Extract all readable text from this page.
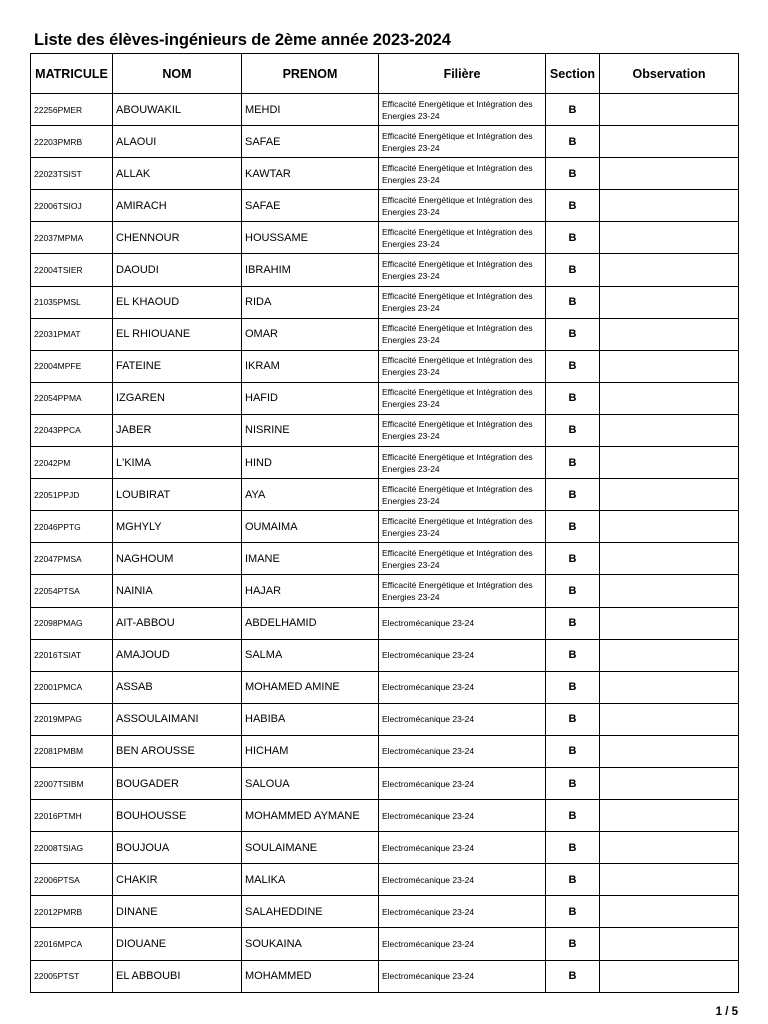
Liste des élèves-ingénieurs de 2ème année 2023-2024
MATRICULE	NOM	PRENOM	Filière	Section	Observation
22256PMER	ABOUWAKIL	MEHDI	Efficacité Energétique et Intégration des Energies 23-24	B	
22203PMRB	ALAOUI	SAFAE	Efficacité Energétique et Intégration des Energies 23-24	B	
22023TSIST	ALLAK	KAWTAR	Efficacité Energétique et Intégration des Energies 23-24	B	
22006TSIOJ	AMIRACH	SAFAE	Efficacité Energétique et Intégration des Energies 23-24	B	
22037MPMA	CHENNOUR	HOUSSAME	Efficacité Energétique et Intégration des Energies 23-24	B	
22004TSIER	DAOUDI	IBRAHIM	Efficacité Energétique et Intégration des Energies 23-24	B	
21035PMSL	EL KHAOUD	RIDA	Efficacité Energétique et Intégration des Energies 23-24	B	
22031PMAT	EL RHIOUANE	OMAR	Efficacité Energétique et Intégration des Energies 23-24	B	
22004MPFE	FATEINE	IKRAM	Efficacité Energétique et Intégration des Energies 23-24	B	
22054PPMA	IZGAREN	HAFID	Efficacité Energétique et Intégration des Energies 23-24	B	
22043PPCA	JABER	NISRINE	Efficacité Energétique et Intégration des Energies 23-24	B	
22042PM	L'KIMA	HIND	Efficacité Energétique et Intégration des Energies 23-24	B	
22051PPJD	LOUBIRAT	AYA	Efficacité Energétique et Intégration des Energies 23-24	B	
22046PPTG	MGHYLY	OUMAIMA	Efficacité Energétique et Intégration des Energies 23-24	B	
22047PMSA	NAGHOUM	IMANE	Efficacité Energétique et Intégration des Energies 23-24	B	
22054PTSA	NAINIA	HAJAR	Efficacité Energétique et Intégration des Energies 23-24	B	
22098PMAG	AIT-ABBOU	ABDELHAMID	Electromécanique 23-24	B	
22016TSIAT	AMAJOUD	SALMA	Electromécanique 23-24	B	
22001PMCA	ASSAB	MOHAMED AMINE	Electromécanique 23-24	B	
22019MPAG	ASSOULAIMANI	HABIBA	Electromécanique 23-24	B	
22081PMBM	BEN AROUSSE	HICHAM	Electromécanique 23-24	B	
22007TSIBM	BOUGADER	SALOUA	Electromécanique 23-24	B	
22016PTMH	BOUHOUSSE	MOHAMMED AYMANE	Electromécanique 23-24	B	
22008TSIAG	BOUJOUA	SOULAIMANE	Electromécanique 23-24	B	
22006PTSA	CHAKIR	MALIKA	Electromécanique 23-24	B	
22012PMRB	DINANE	SALAHEDDINE	Electromécanique 23-24	B	
22016MPCA	DIOUANE	SOUKAINA	Electromécanique 23-24	B	
22005PTST	EL ABBOUBI	MOHAMMED	Electromécanique 23-24	B	
1 / 5
